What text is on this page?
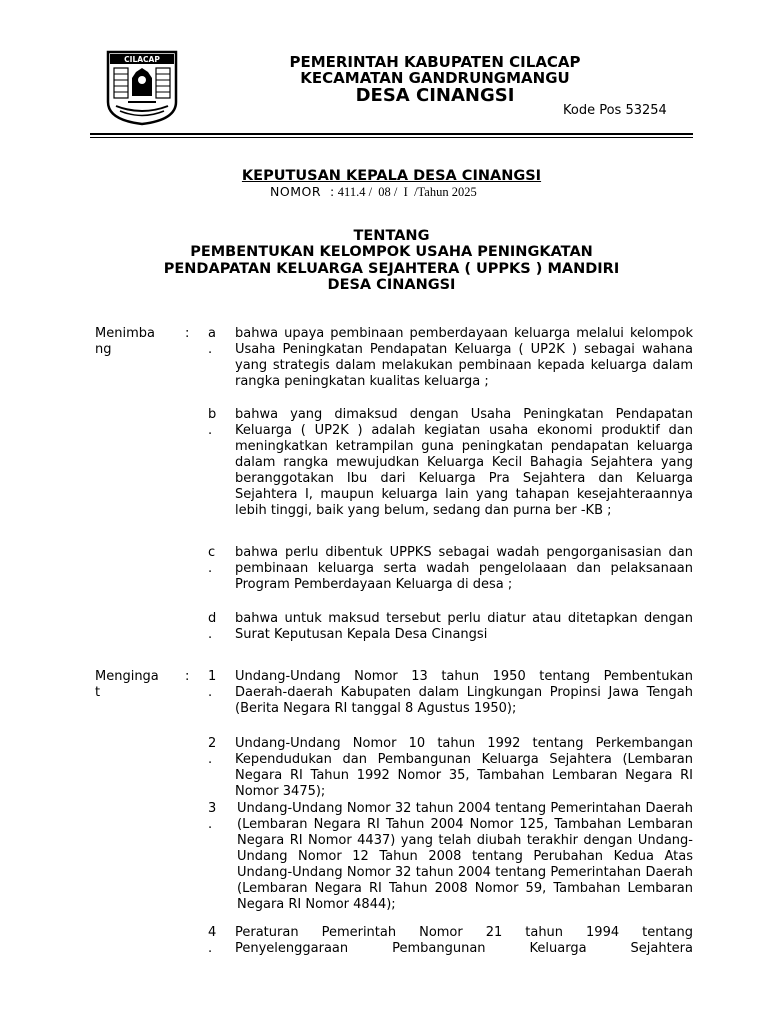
CILACAP	PEMERINTAH KABUPATEN CILACAP
KECAMATAN GANDRUNGMANGU
DESA CINANGSI
Kode Pos 53254
KEPUTUSAN KEPALA DESA CINANGSI
NOMOR  : 411.4 /  08 /  I  /Tahun 2025
TENTANG
PEMBENTUKAN KELOMPOK USAHA PENINGKATAN
PENDAPATAN KELUARGA SEJAHTERA ( UPPKS ) MANDIRI
DESA CINANGSI
Menimba
ng
: a
.
bahwa upaya pembinaan pemberdayaan keluarga melalui kelompok Usaha Peningkatan Pendapatan Keluarga ( UP2K ) sebagai wahana yang strategis dalam melakukan pembinaan kepada keluarga dalam rangka peningkatan kualitas keluarga ;
b
.
bahwa yang dimaksud dengan Usaha Peningkatan Pendapatan Keluarga ( UP2K ) adalah kegiatan usaha ekonomi produktif dan meningkatkan ketrampilan guna peningkatan pendapatan keluarga dalam rangka mewujudkan Keluarga Kecil Bahagia Sejahtera yang beranggotakan Ibu dari Keluarga Pra Sejahtera dan Keluarga Sejahtera I, maupun keluarga lain yang tahapan kesejahteraannya lebih tinggi, baik yang belum, sedang dan purna ber -KB ;
c
.
bahwa perlu dibentuk UPPKS sebagai wadah pengorganisasian dan pembinaan keluarga serta wadah pengelolaaan dan pelaksanaan Program Pemberdayaan Keluarga di desa ;
d
.
bahwa untuk maksud tersebut perlu diatur atau ditetapkan dengan Surat Keputusan Kepala Desa Cinangsi
Menginga
t
: 1
.
Undang-Undang Nomor 13 tahun 1950 tentang Pembentukan Daerah-daerah Kabupaten dalam Lingkungan Propinsi Jawa Tengah (Berita Negara RI tanggal 8 Agustus 1950);
2
.
Undang-Undang Nomor 10 tahun 1992 tentang Perkembangan Kependudukan dan Pembangunan Keluarga Sejahtera (Lembaran Negara RI Tahun 1992 Nomor 35, Tambahan Lembaran Negara RI Nomor 3475);
3
.
Undang-Undang Nomor 32 tahun 2004 tentang Pemerintahan Daerah (Lembaran Negara RI Tahun 2004 Nomor 125, Tambahan Lembaran Negara RI Nomor 4437) yang telah diubah terakhir dengan Undang-Undang Nomor 12 Tahun 2008 tentang Perubahan Kedua Atas Undang-Undang Nomor 32 tahun 2004 tentang Pemerintahan Daerah (Lembaran Negara RI Tahun 2008 Nomor 59, Tambahan Lembaran Negara RI Nomor 4844);
4
.
Peraturan Pemerintah Nomor 21 tahun 1994 tentang Penyelenggaraan Pembangunan Keluarga Sejahtera
